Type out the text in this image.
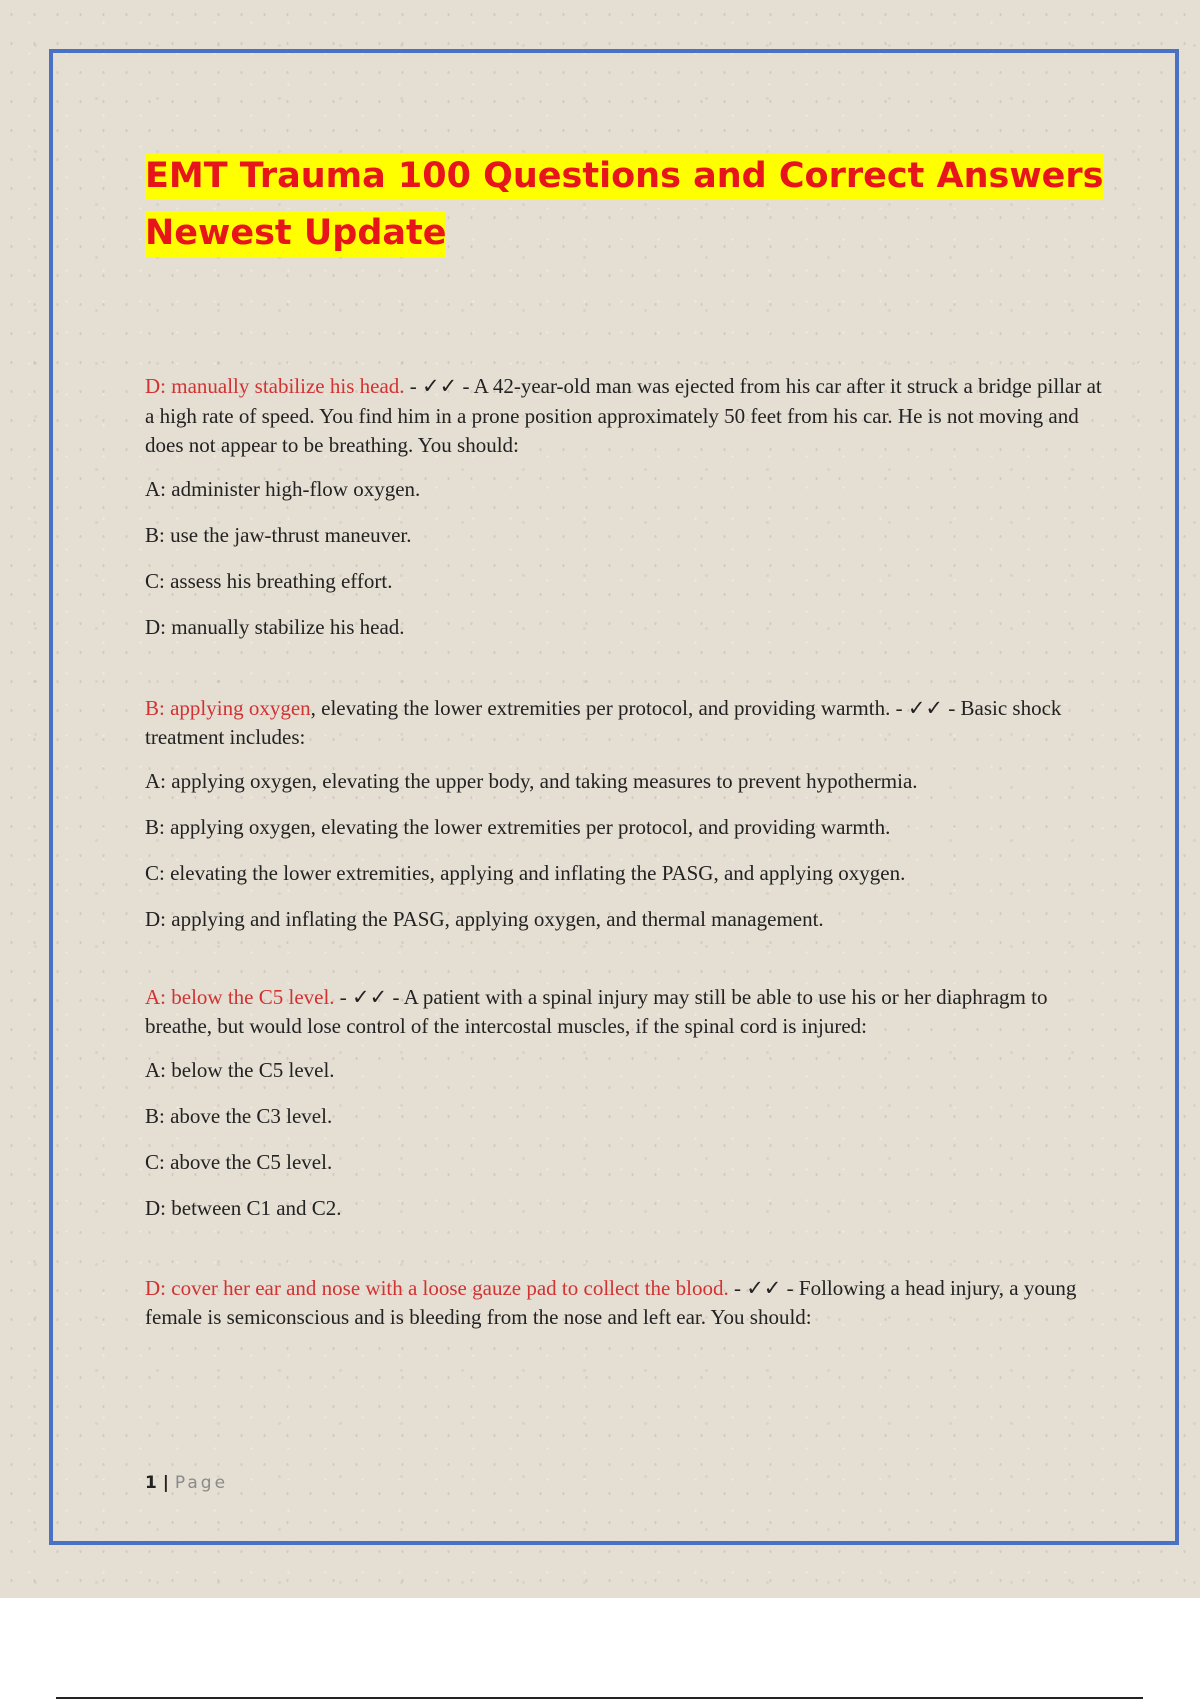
EMT Trauma 100 Questions and Correct Answers
Newest Update

D: manually stabilize his head. - ✓✓ - A 42-year-old man was ejected from his car after it struck a bridge pillar at a high rate of speed. You find him in a prone position approximately 50 feet from his car. He is not moving and does not appear to be breathing. You should:

A: administer high-flow oxygen.

B: use the jaw-thrust maneuver.

C: assess his breathing effort.

D: manually stabilize his head.

B: applying oxygen, elevating the lower extremities per protocol, and providing warmth. - ✓✓ - Basic shock treatment includes:

A: applying oxygen, elevating the upper body, and taking measures to prevent hypothermia.

B: applying oxygen, elevating the lower extremities per protocol, and providing warmth.

C: elevating the lower extremities, applying and inflating the PASG, and applying oxygen.

D: applying and inflating the PASG, applying oxygen, and thermal management.

A: below the C5 level. - ✓✓ - A patient with a spinal injury may still be able to use his or her diaphragm to breathe, but would lose control of the intercostal muscles, if the spinal cord is injured:

A: below the C5 level.

B: above the C3 level.

C: above the C5 level.

D: between C1 and C2.

D: cover her ear and nose with a loose gauze pad to collect the blood. - ✓✓ - Following a head injury, a young female is semiconscious and is bleeding from the nose and left ear. You should:

1 | Page
